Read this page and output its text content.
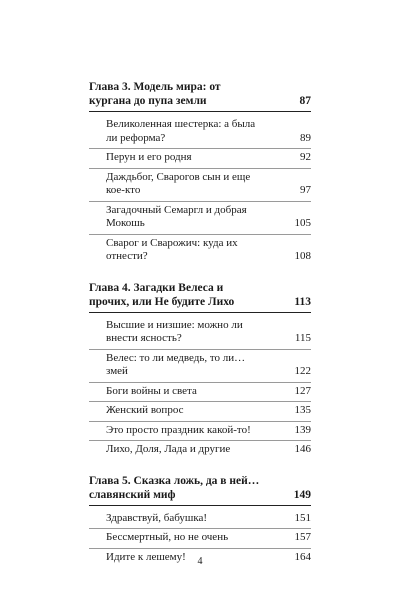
Глава 3. Модель мира: от кургана до пупа земли	87
Великоленная шестерка: а была ли реформа?	89
Перун и его родня	92
Даждьбог, Сварогов сын и еще кое-кто	97
Загадочный Семаргл и добрая Мокошь	105
Сварог и Сварожич: куда их отнести?	108
Глава 4. Загадки Велеса и прочих, или Не будите Лихо	113
Высшие и низшие: можно ли внести ясность?	115
Велес: то ли медведь, то ли… змей	122
Боги войны и света	127
Женский вопрос	135
Это просто праздник какой-то!	139
Лихо, Доля, Лада и другие	146
Глава 5. Сказка ложь, да в ней… славянский миф	149
Здравствуй, бабушка!	151
Бессмертный, но не очень	157
Идите к лешему!	164
4
